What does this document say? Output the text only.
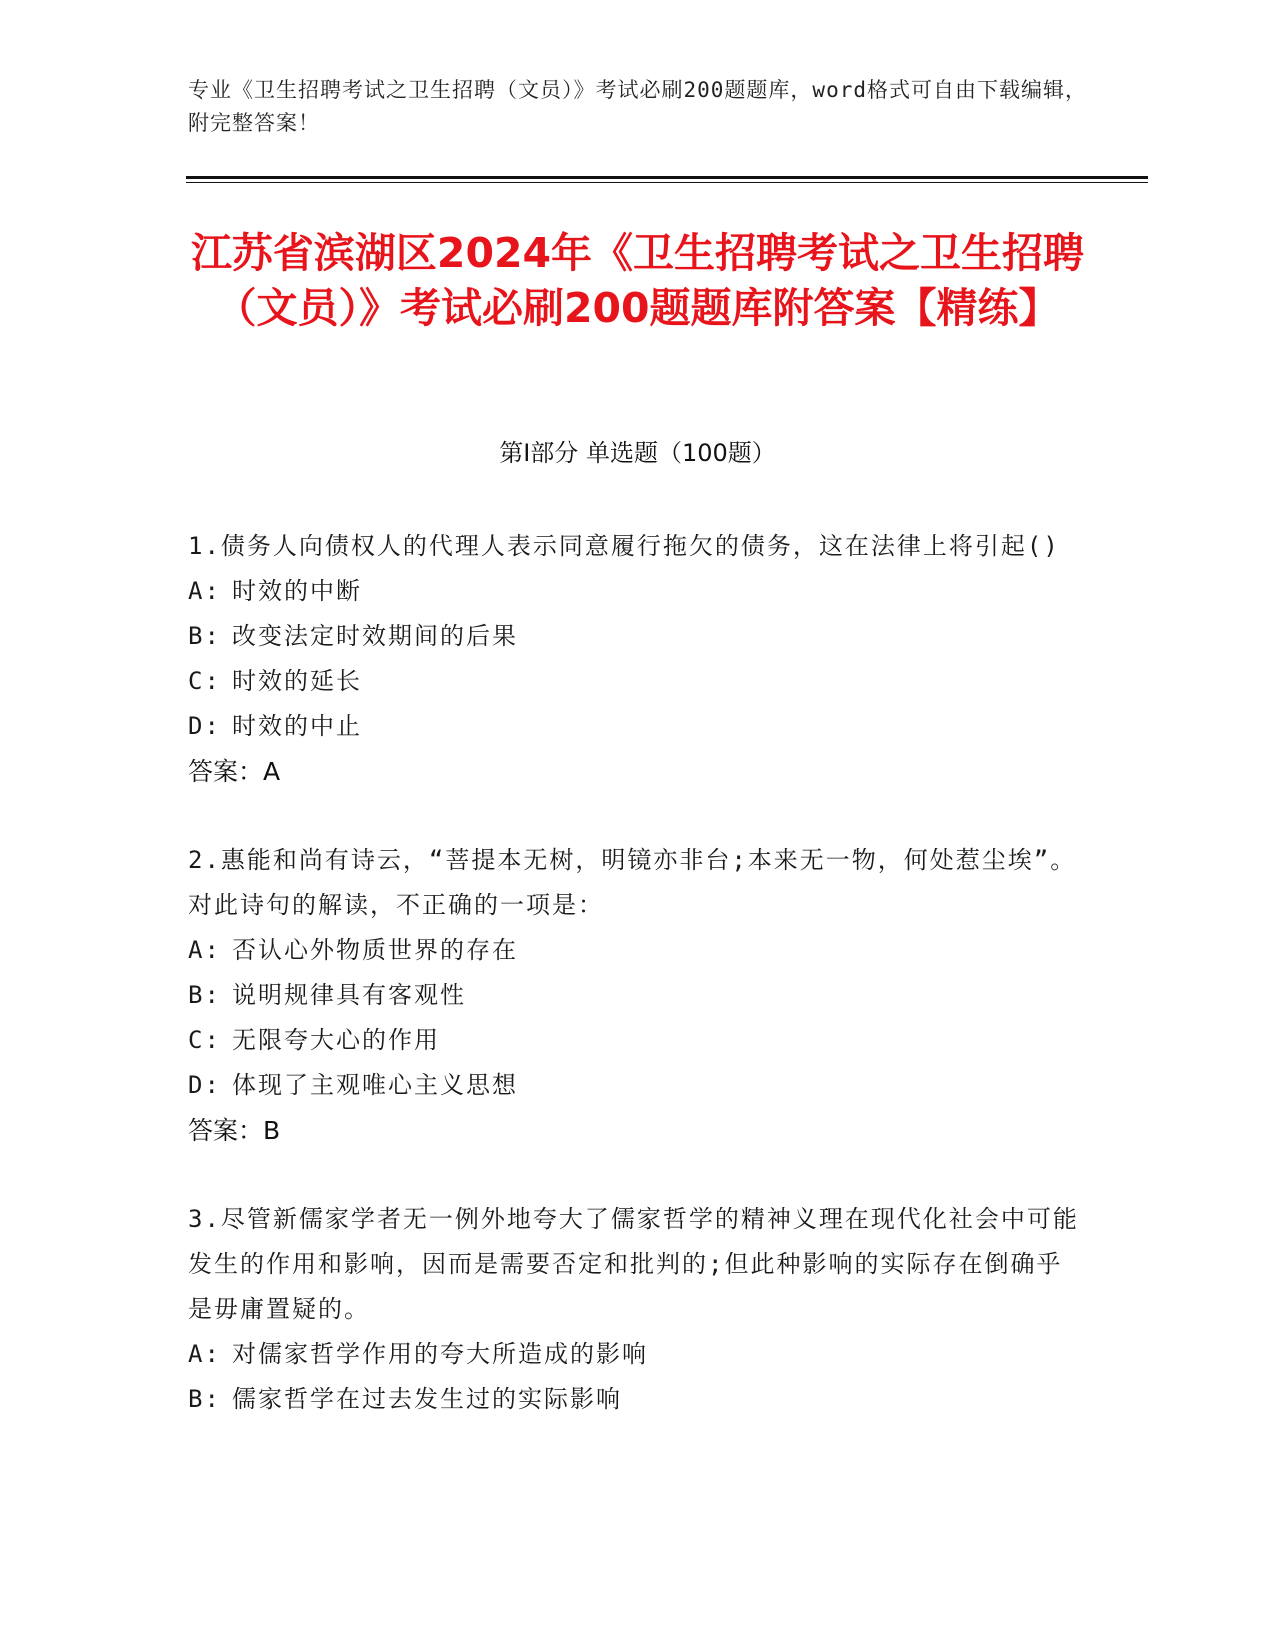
专业《卫生招聘考试之卫生招聘（文员）》考试必刷200题题库，word格式可自由下载编辑，附完整答案！
江苏省滨湖区2024年《卫生招聘考试之卫生招聘（文员）》考试必刷200题题库附答案【精练】
第Ⅰ部分 单选题（100题）
1.债务人向债权人的代理人表示同意履行拖欠的债务，这在法律上将引起()
A: 时效的中断
B: 改变法定时效期间的后果
C: 时效的延长
D: 时效的中止
答案：A
2.惠能和尚有诗云，“菩提本无树，明镜亦非台;本来无一物，何处惹尘埃”。对此诗句的解读，不正确的一项是：
A: 否认心外物质世界的存在
B: 说明规律具有客观性
C: 无限夸大心的作用
D: 体现了主观唯心主义思想
答案：B
3.尽管新儒家学者无一例外地夸大了儒家哲学的精神义理在现代化社会中可能发生的作用和影响，因而是需要否定和批判的;但此种影响的实际存在倒确乎是毋庸置疑的。
A: 对儒家哲学作用的夸大所造成的影响
B: 儒家哲学在过去发生过的实际影响
